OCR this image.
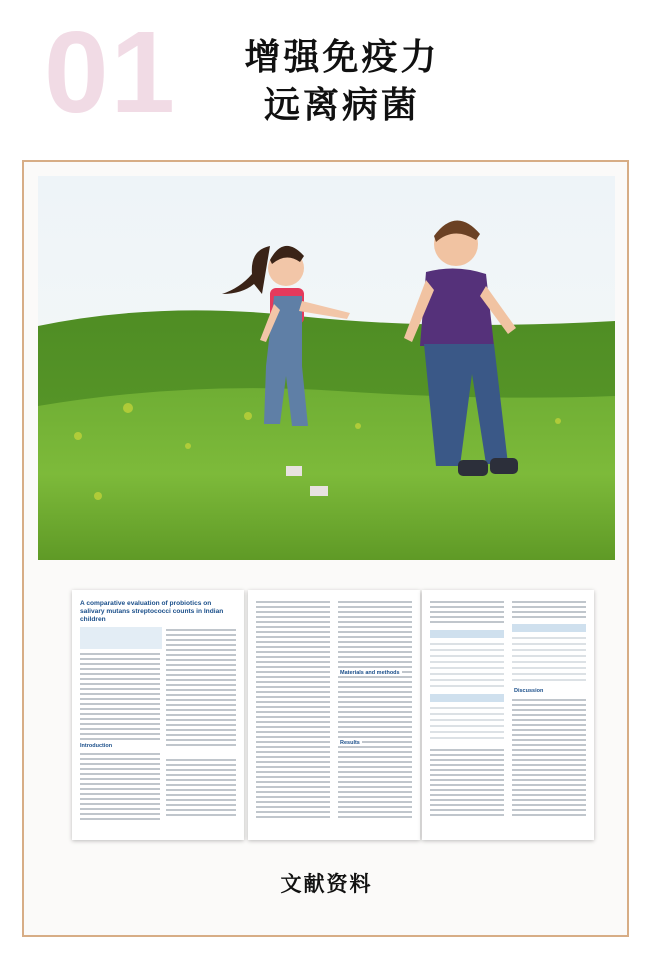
01	增强免疫力
远离病菌
A comparative evaluation of probiotics on salivary mutans streptococci counts in Indian children
Introduction
Materials and methods
Results
Discussion
文献资料
